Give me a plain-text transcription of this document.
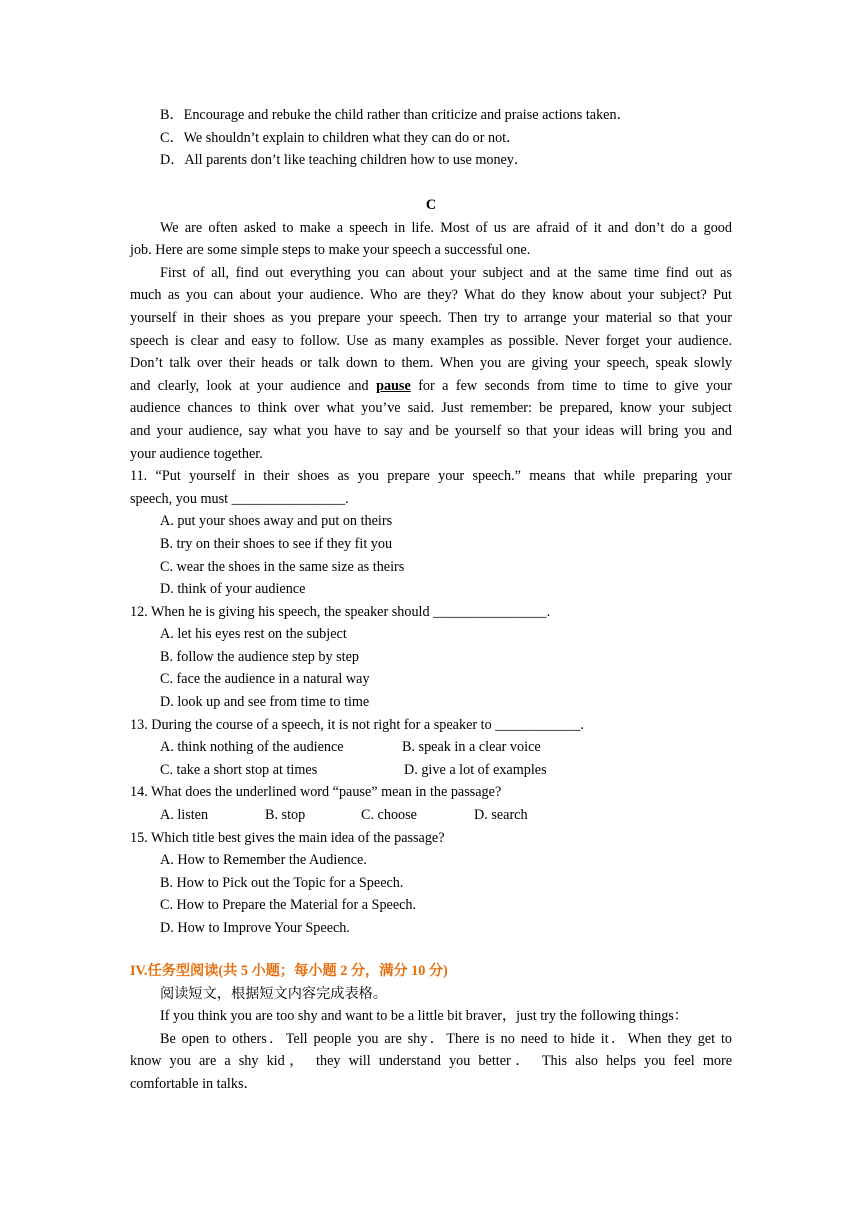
B．Encourage and rebuke the child rather than criticize and praise actions taken．
C．We shouldn’t explain to children what they can do or not．
D．All parents don’t like teaching children how to use money．
C
We are often asked to make a speech in life. Most of us are afraid of it and don’t do a good
job. Here are some simple steps to make your speech a successful one.
First of all, find out everything you can about your subject and at the same time find out as
much as you can about your audience. Who are they? What do they know about your subject? Put
yourself in their shoes as you prepare your speech. Then try to arrange your material so that your
speech is clear and easy to follow. Use as many examples as possible. Never forget your audience.
Don’t talk over their heads or talk down to them. When you are giving your speech, speak slowly
and clearly, look at your audience and pause for a few seconds from time to time to give your
audience chances to think over what you’ve said. Just remember: be prepared, know your subject
and your audience, say what you have to say and be yourself so that your ideas will bring you and
your audience together.
11. “Put yourself in their shoes as you prepare your speech.” means that while preparing your
speech, you must ________________.
A. put your shoes away and put on theirs
B. try on their shoes to see if they fit you
C. wear the shoes in the same size as theirs
D. think of your audience
12. When he is giving his speech, the speaker should ________________.
A. let his eyes rest on the subject
B. follow the audience step by step
C. face the audience in a natural way
D. look up and see from time to time
13. During the course of a speech, it is not right for a speaker to ____________.
A. think nothing of the audience	B. speak in a clear voice
C. take a short stop at times	D. give a lot of examples
14. What does the underlined word “pause” mean in the passage?
A. listen	B. stop	C. choose	D. search
15. Which title best gives the main idea of the passage?
A. How to Remember the Audience.
B. How to Pick out the Topic for a Speech.
C. How to Prepare the Material for a Speech.
D. How to Improve Your Speech.
IV.任务型阅读(共 5 小题；每小题 2 分，满分 10 分)
阅读短文，根据短文内容完成表格。
If you think you are too shy and want to be a little bit braver，just try the following things：
Be open to others．Tell people you are shy．There is no need to hide it．When they get to
know you are a shy kid， they will understand you better． This also helps you feel more
comfortable in talks．
